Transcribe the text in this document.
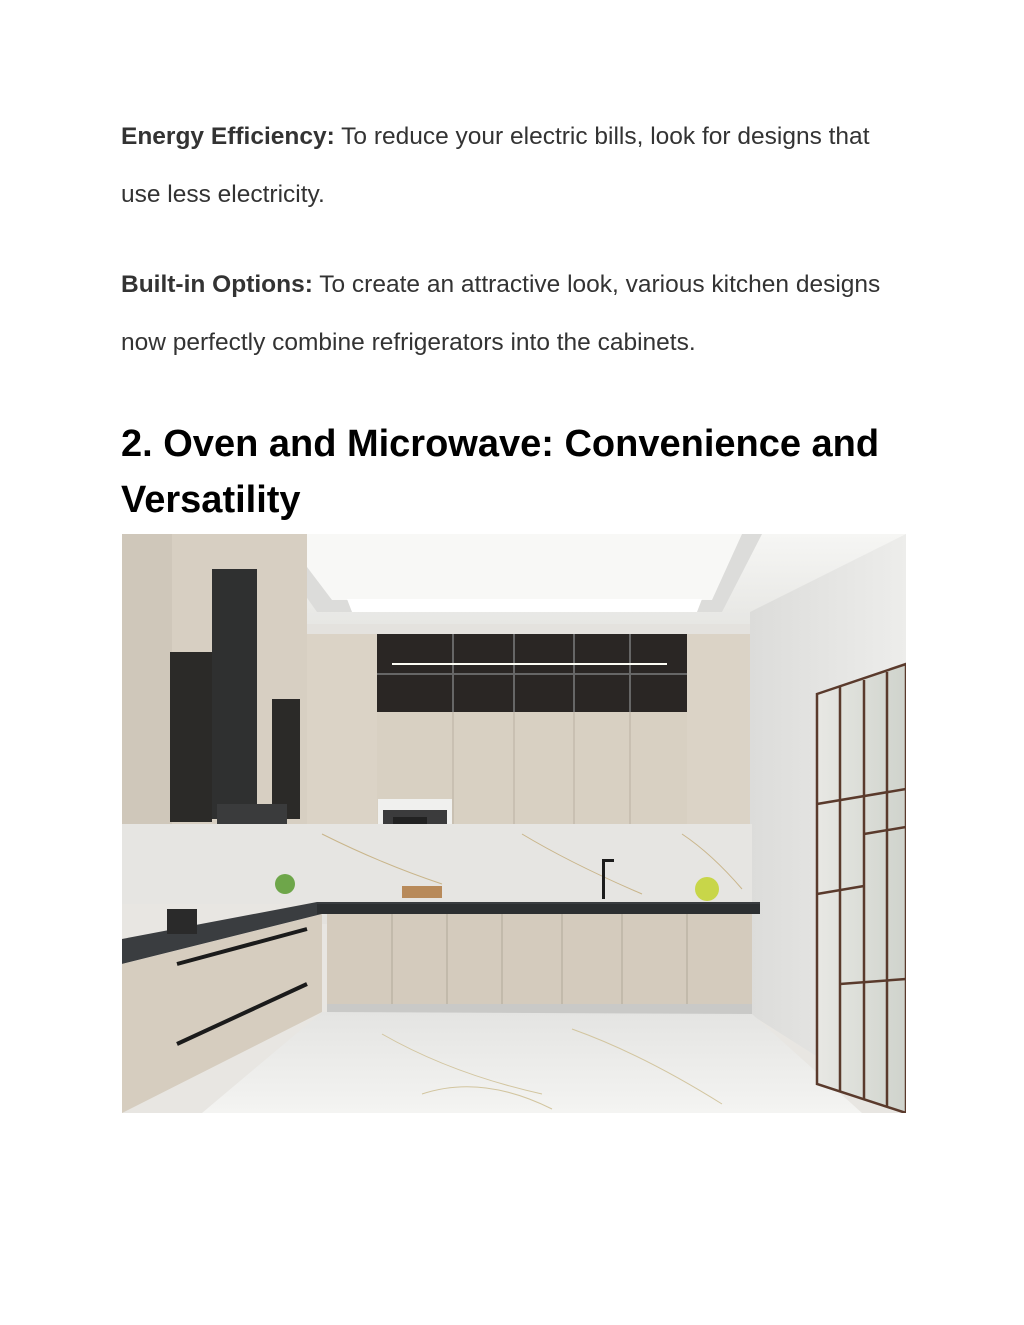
Energy Efficiency: To reduce your electric bills, look for designs that use less electricity.

Built-in Options: To create an attractive look, various kitchen designs now perfectly combine refrigerators into the cabinets.

2. Oven and Microwave: Convenience and Versatility
